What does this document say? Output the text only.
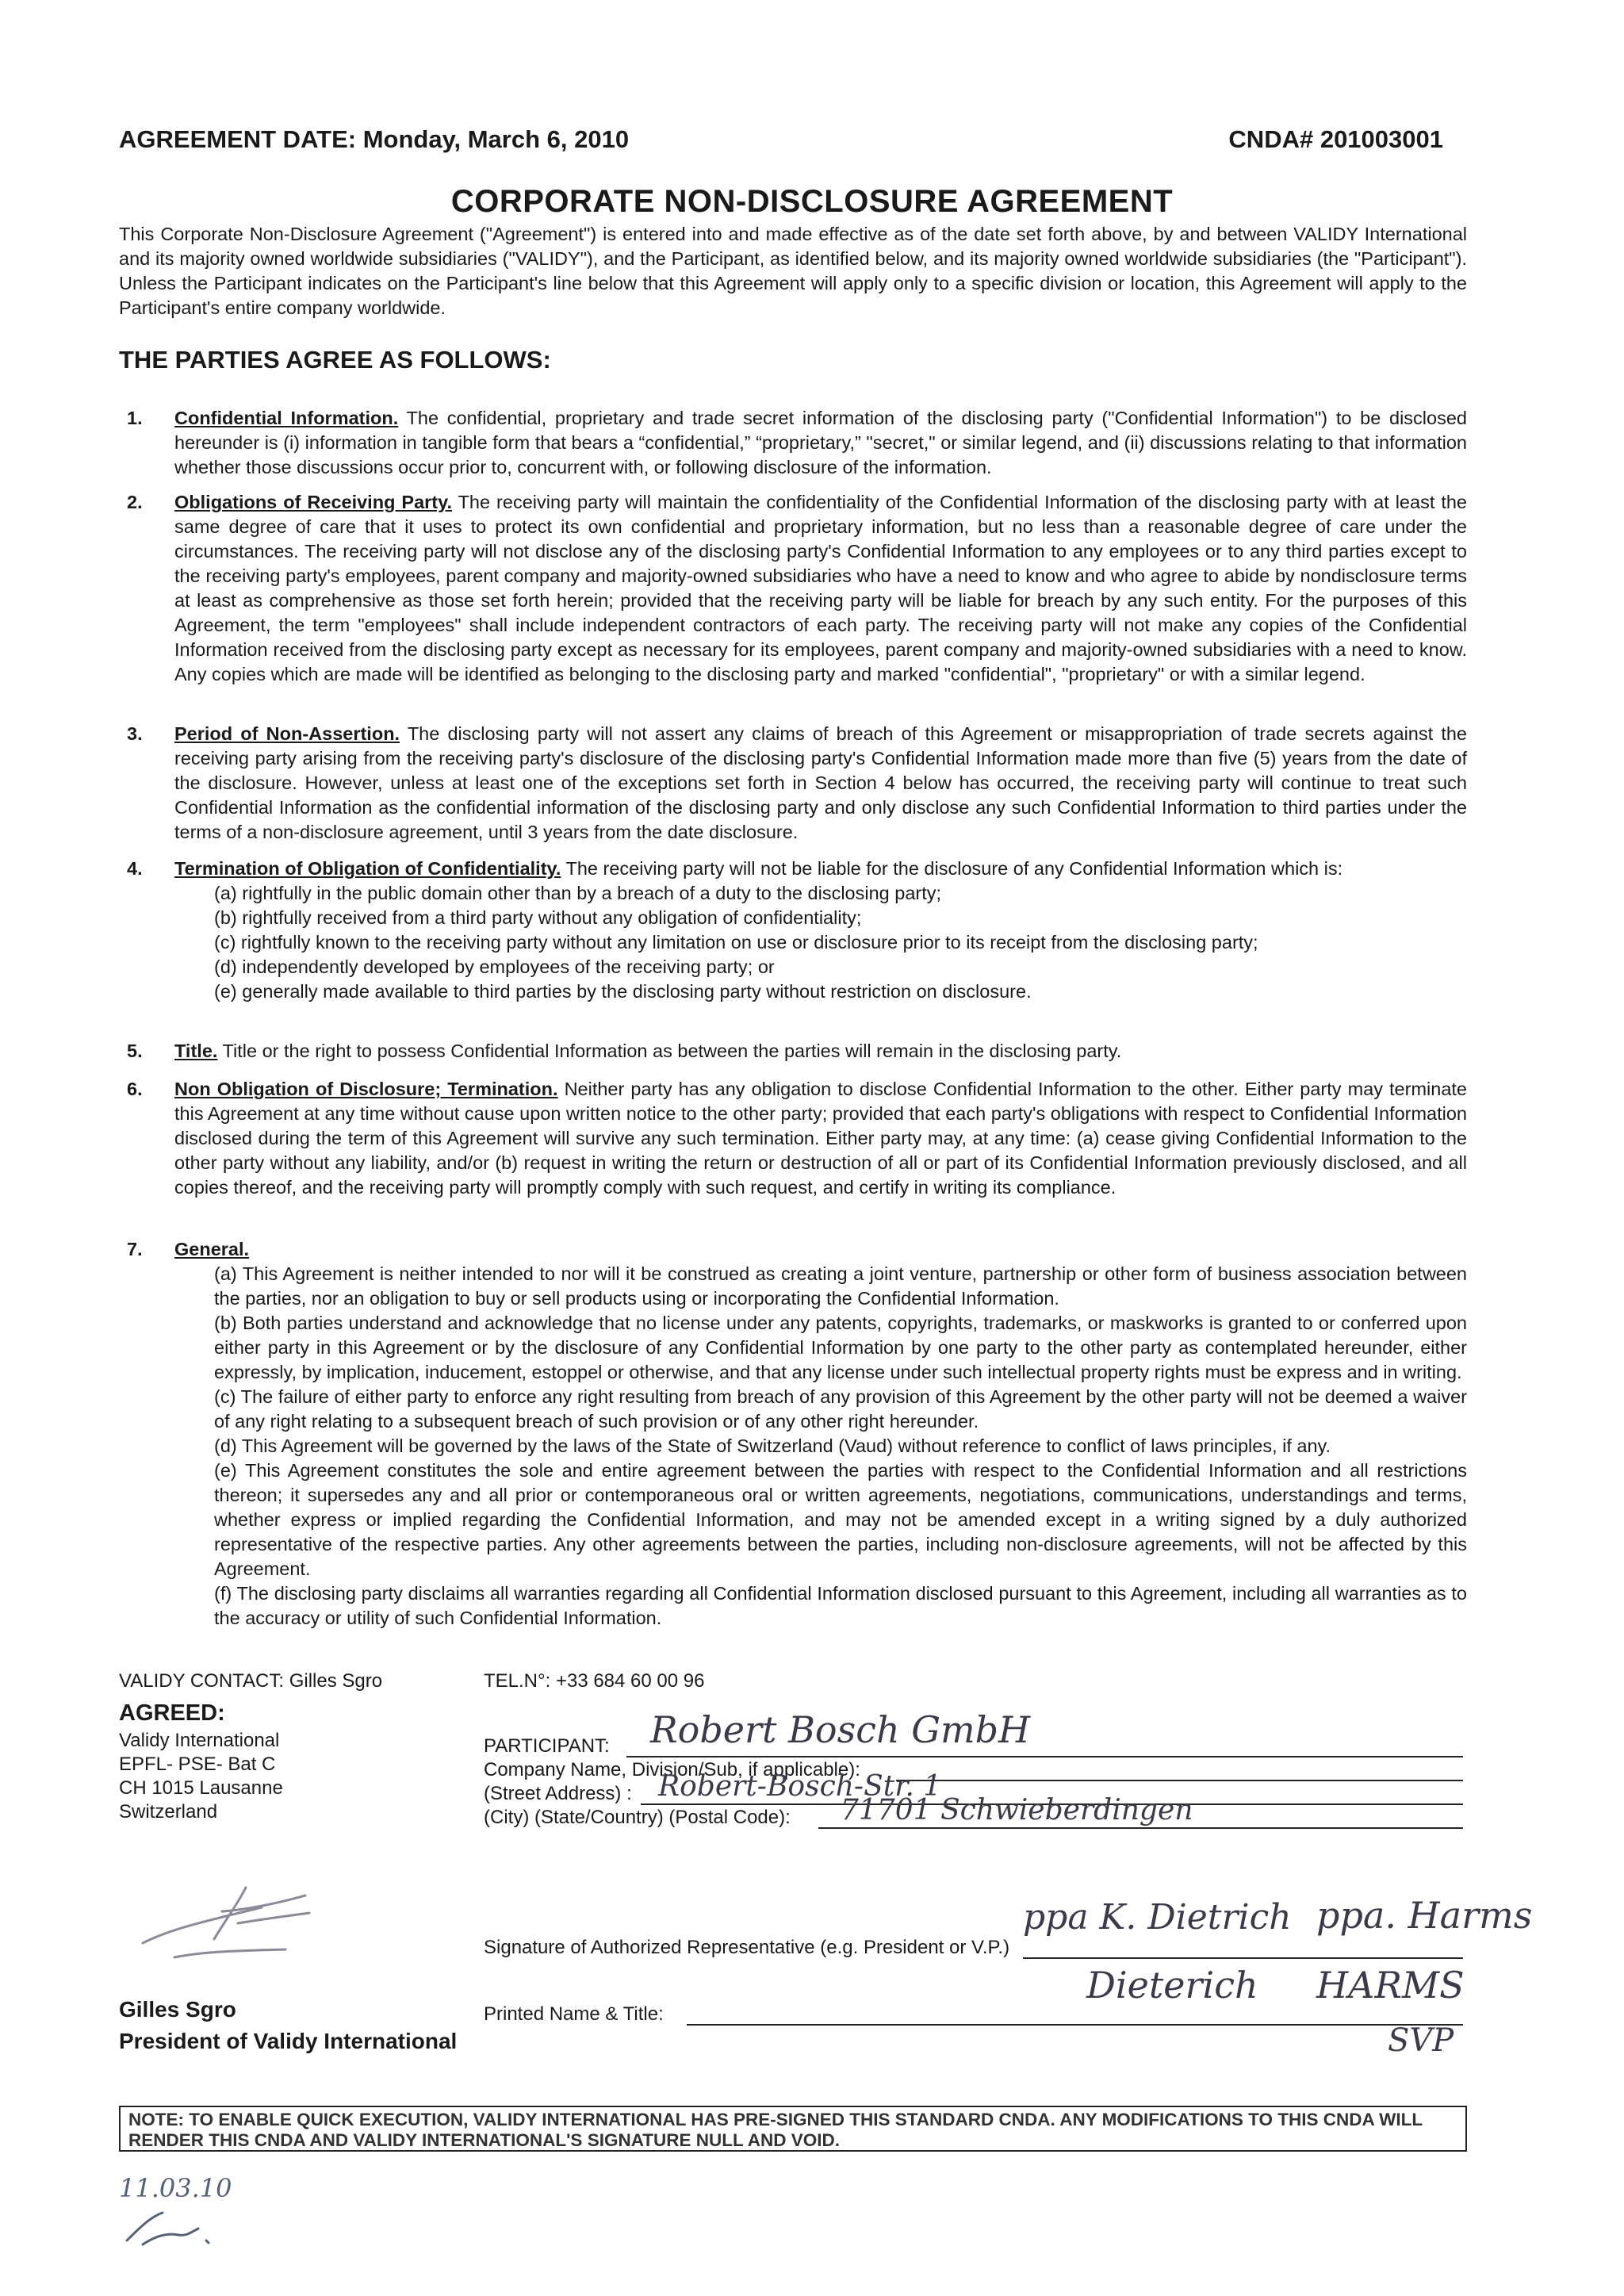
AGREEMENT DATE: Monday, March 6, 2010	CNDA# 201003001
CORPORATE NON-DISCLOSURE AGREEMENT
This Corporate Non-Disclosure Agreement ("Agreement") is entered into and made effective as of the date set forth above, by and between VALIDY International and its majority owned worldwide subsidiaries ("VALIDY"), and the Participant, as identified below, and its majority owned worldwide subsidiaries (the "Participant"). Unless the Participant indicates on the Participant's line below that this Agreement will apply only to a specific division or location, this Agreement will apply to the Participant's entire company worldwide.
THE PARTIES AGREE AS FOLLOWS:
1. Confidential Information. The confidential, proprietary and trade secret information of the disclosing party ("Confidential Information") to be disclosed hereunder is (i) information in tangible form that bears a “confidential,” “proprietary,” "secret," or similar legend, and (ii) discussions relating to that information whether those discussions occur prior to, concurrent with, or following disclosure of the information.
2. Obligations of Receiving Party. The receiving party will maintain the confidentiality of the Confidential Information of the disclosing party with at least the same degree of care that it uses to protect its own confidential and proprietary information, but no less than a reasonable degree of care under the circumstances. The receiving party will not disclose any of the disclosing party's Confidential Information to any employees or to any third parties except to the receiving party's employees, parent company and majority-owned subsidiaries who have a need to know and who agree to abide by nondisclosure terms at least as comprehensive as those set forth herein; provided that the receiving party will be liable for breach by any such entity. For the purposes of this Agreement, the term "employees" shall include independent contractors of each party. The receiving party will not make any copies of the Confidential Information received from the disclosing party except as necessary for its employees, parent company and majority-owned subsidiaries with a need to know. Any copies which are made will be identified as belonging to the disclosing party and marked "confidential", "proprietary" or with a similar legend.
3. Period of Non-Assertion. The disclosing party will not assert any claims of breach of this Agreement or misappropriation of trade secrets against the receiving party arising from the receiving party's disclosure of the disclosing party's Confidential Information made more than five (5) years from the date of the disclosure. However, unless at least one of the exceptions set forth in Section 4 below has occurred, the receiving party will continue to treat such Confidential Information as the confidential information of the disclosing party and only disclose any such Confidential Information to third parties under the terms of a non-disclosure agreement, until 3 years from the date disclosure.
4. Termination of Obligation of Confidentiality. The receiving party will not be liable for the disclosure of any Confidential Information which is:
(a) rightfully in the public domain other than by a breach of a duty to the disclosing party;
(b) rightfully received from a third party without any obligation of confidentiality;
(c) rightfully known to the receiving party without any limitation on use or disclosure prior to its receipt from the disclosing party;
(d) independently developed by employees of the receiving party; or
(e) generally made available to third parties by the disclosing party without restriction on disclosure.
5. Title. Title or the right to possess Confidential Information as between the parties will remain in the disclosing party.
6. Non Obligation of Disclosure; Termination. Neither party has any obligation to disclose Confidential Information to the other. Either party may terminate this Agreement at any time without cause upon written notice to the other party; provided that each party's obligations with respect to Confidential Information disclosed during the term of this Agreement will survive any such termination. Either party may, at any time: (a) cease giving Confidential Information to the other party without any liability, and/or (b) request in writing the return or destruction of all or part of its Confidential Information previously disclosed, and all copies thereof, and the receiving party will promptly comply with such request, and certify in writing its compliance.
7. General.
(a) This Agreement is neither intended to nor will it be construed as creating a joint venture, partnership or other form of business association between the parties, nor an obligation to buy or sell products using or incorporating the Confidential Information.
(b) Both parties understand and acknowledge that no license under any patents, copyrights, trademarks, or maskworks is granted to or conferred upon either party in this Agreement or by the disclosure of any Confidential Information by one party to the other party as contemplated hereunder, either expressly, by implication, inducement, estoppel or otherwise, and that any license under such intellectual property rights must be express and in writing.
(c) The failure of either party to enforce any right resulting from breach of any provision of this Agreement by the other party will not be deemed a waiver of any right relating to a subsequent breach of such provision or of any other right hereunder.
(d) This Agreement will be governed by the laws of the State of Switzerland (Vaud) without reference to conflict of laws principles, if any.
(e) This Agreement constitutes the sole and entire agreement between the parties with respect to the Confidential Information and all restrictions thereon; it supersedes any and all prior or contemporaneous oral or written agreements, negotiations, communications, understandings and terms, whether express or implied regarding the Confidential Information, and may not be amended except in a writing signed by a duly authorized representative of the respective parties. Any other agreements between the parties, including non-disclosure agreements, will not be affected by this Agreement.
(f) The disclosing party disclaims all warranties regarding all Confidential Information disclosed pursuant to this Agreement, including all warranties as to the accuracy or utility of such Confidential Information.
VALIDY CONTACT: Gilles Sgro	TEL.N°: +33 684 60 00 96
AGREED:
Validy International
EPFL- PSE- Bat C
CH 1015 Lausanne
Switzerland
PARTICIPANT: Robert Bosch GmbH
Company Name, Division/Sub, if applicable):
(Street Address) : Robert-Bosch-Str. 1
(City) (State/Country) (Postal Code): 71701 Schwieberdingen
Signature of Authorized Representative (e.g. President or V.P.)
ppa K. Dietrich ppa. Harms
Gilles Sgro
President of Validy International
Printed Name & Title:
Dieterich HARMS
SVP
NOTE: TO ENABLE QUICK EXECUTION, VALIDY INTERNATIONAL HAS PRE-SIGNED THIS STANDARD CNDA. ANY MODIFICATIONS TO THIS CNDA WILL RENDER THIS CNDA AND VALIDY INTERNATIONAL'S SIGNATURE NULL AND VOID.
11.03.10
